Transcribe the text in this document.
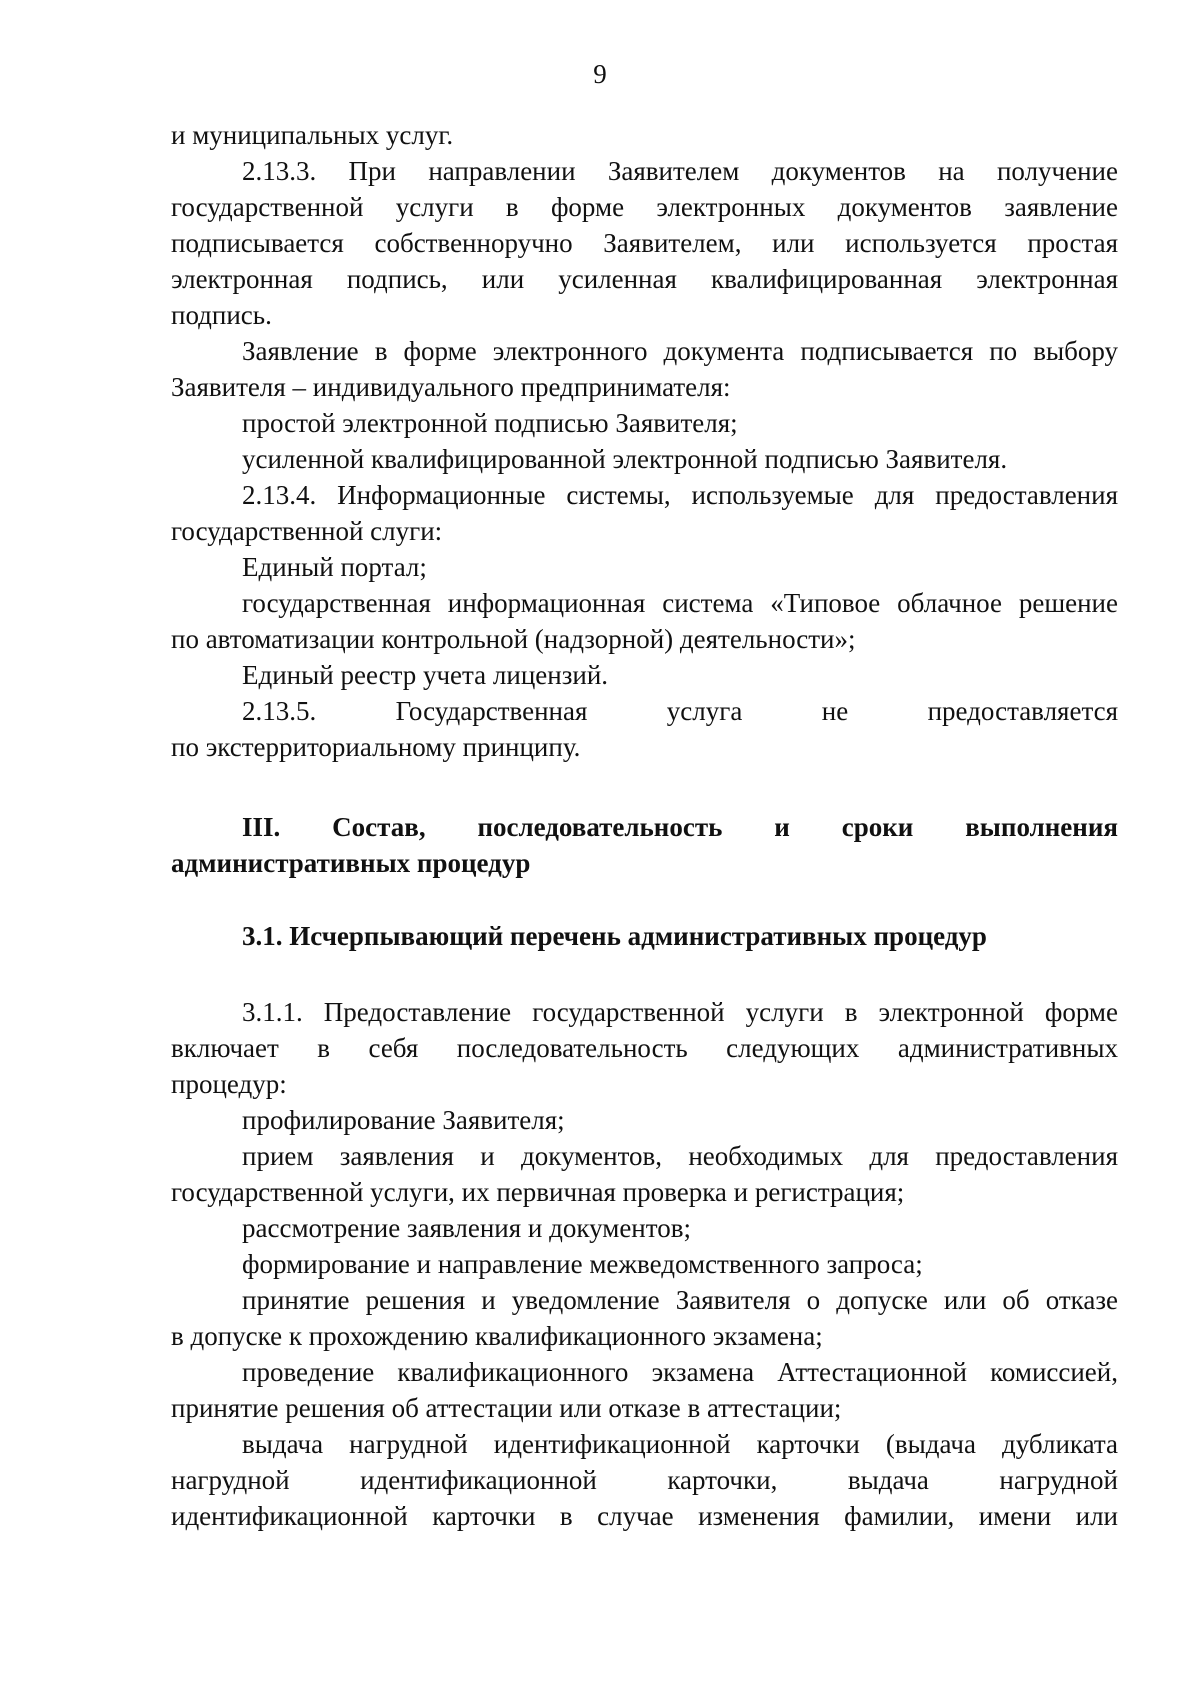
9
и муниципальных услуг.
2.13.3. При направлении Заявителем документов на получение
государственной услуги в форме электронных документов заявление
подписывается собственноручно Заявителем, или используется простая
электронная подпись, или усиленная квалифицированная электронная
подпись.
Заявление в форме электронного документа подписывается по выбору
Заявителя – индивидуального предпринимателя:
простой электронной подписью Заявителя;
усиленной квалифицированной электронной подписью Заявителя.
2.13.4. Информационные системы, используемые для предоставления
государственной слуги:
Единый портал;
государственная информационная система «Типовое облачное решение
по автоматизации контрольной (надзорной) деятельности»;
Единый реестр учета лицензий.
2.13.5. Государственная услуга не предоставляется
по экстерриториальному принципу.
III. Состав, последовательность и сроки выполнения
административных процедур
3.1. Исчерпывающий перечень административных процедур
3.1.1. Предоставление государственной услуги в электронной форме
включает в себя последовательность следующих административных
процедур:
профилирование Заявителя;
прием заявления и документов, необходимых для предоставления
государственной услуги, их первичная проверка и регистрация;
рассмотрение заявления и документов;
формирование и направление межведомственного запроса;
принятие решения и уведомление Заявителя о допуске или об отказе
в допуске к прохождению квалификационного экзамена;
проведение квалификационного экзамена Аттестационной комиссией,
принятие решения об аттестации или отказе в аттестации;
выдача нагрудной идентификационной карточки (выдача дубликата
нагрудной идентификационной карточки, выдача нагрудной
идентификационной карточки в случае изменения фамилии, имени или
